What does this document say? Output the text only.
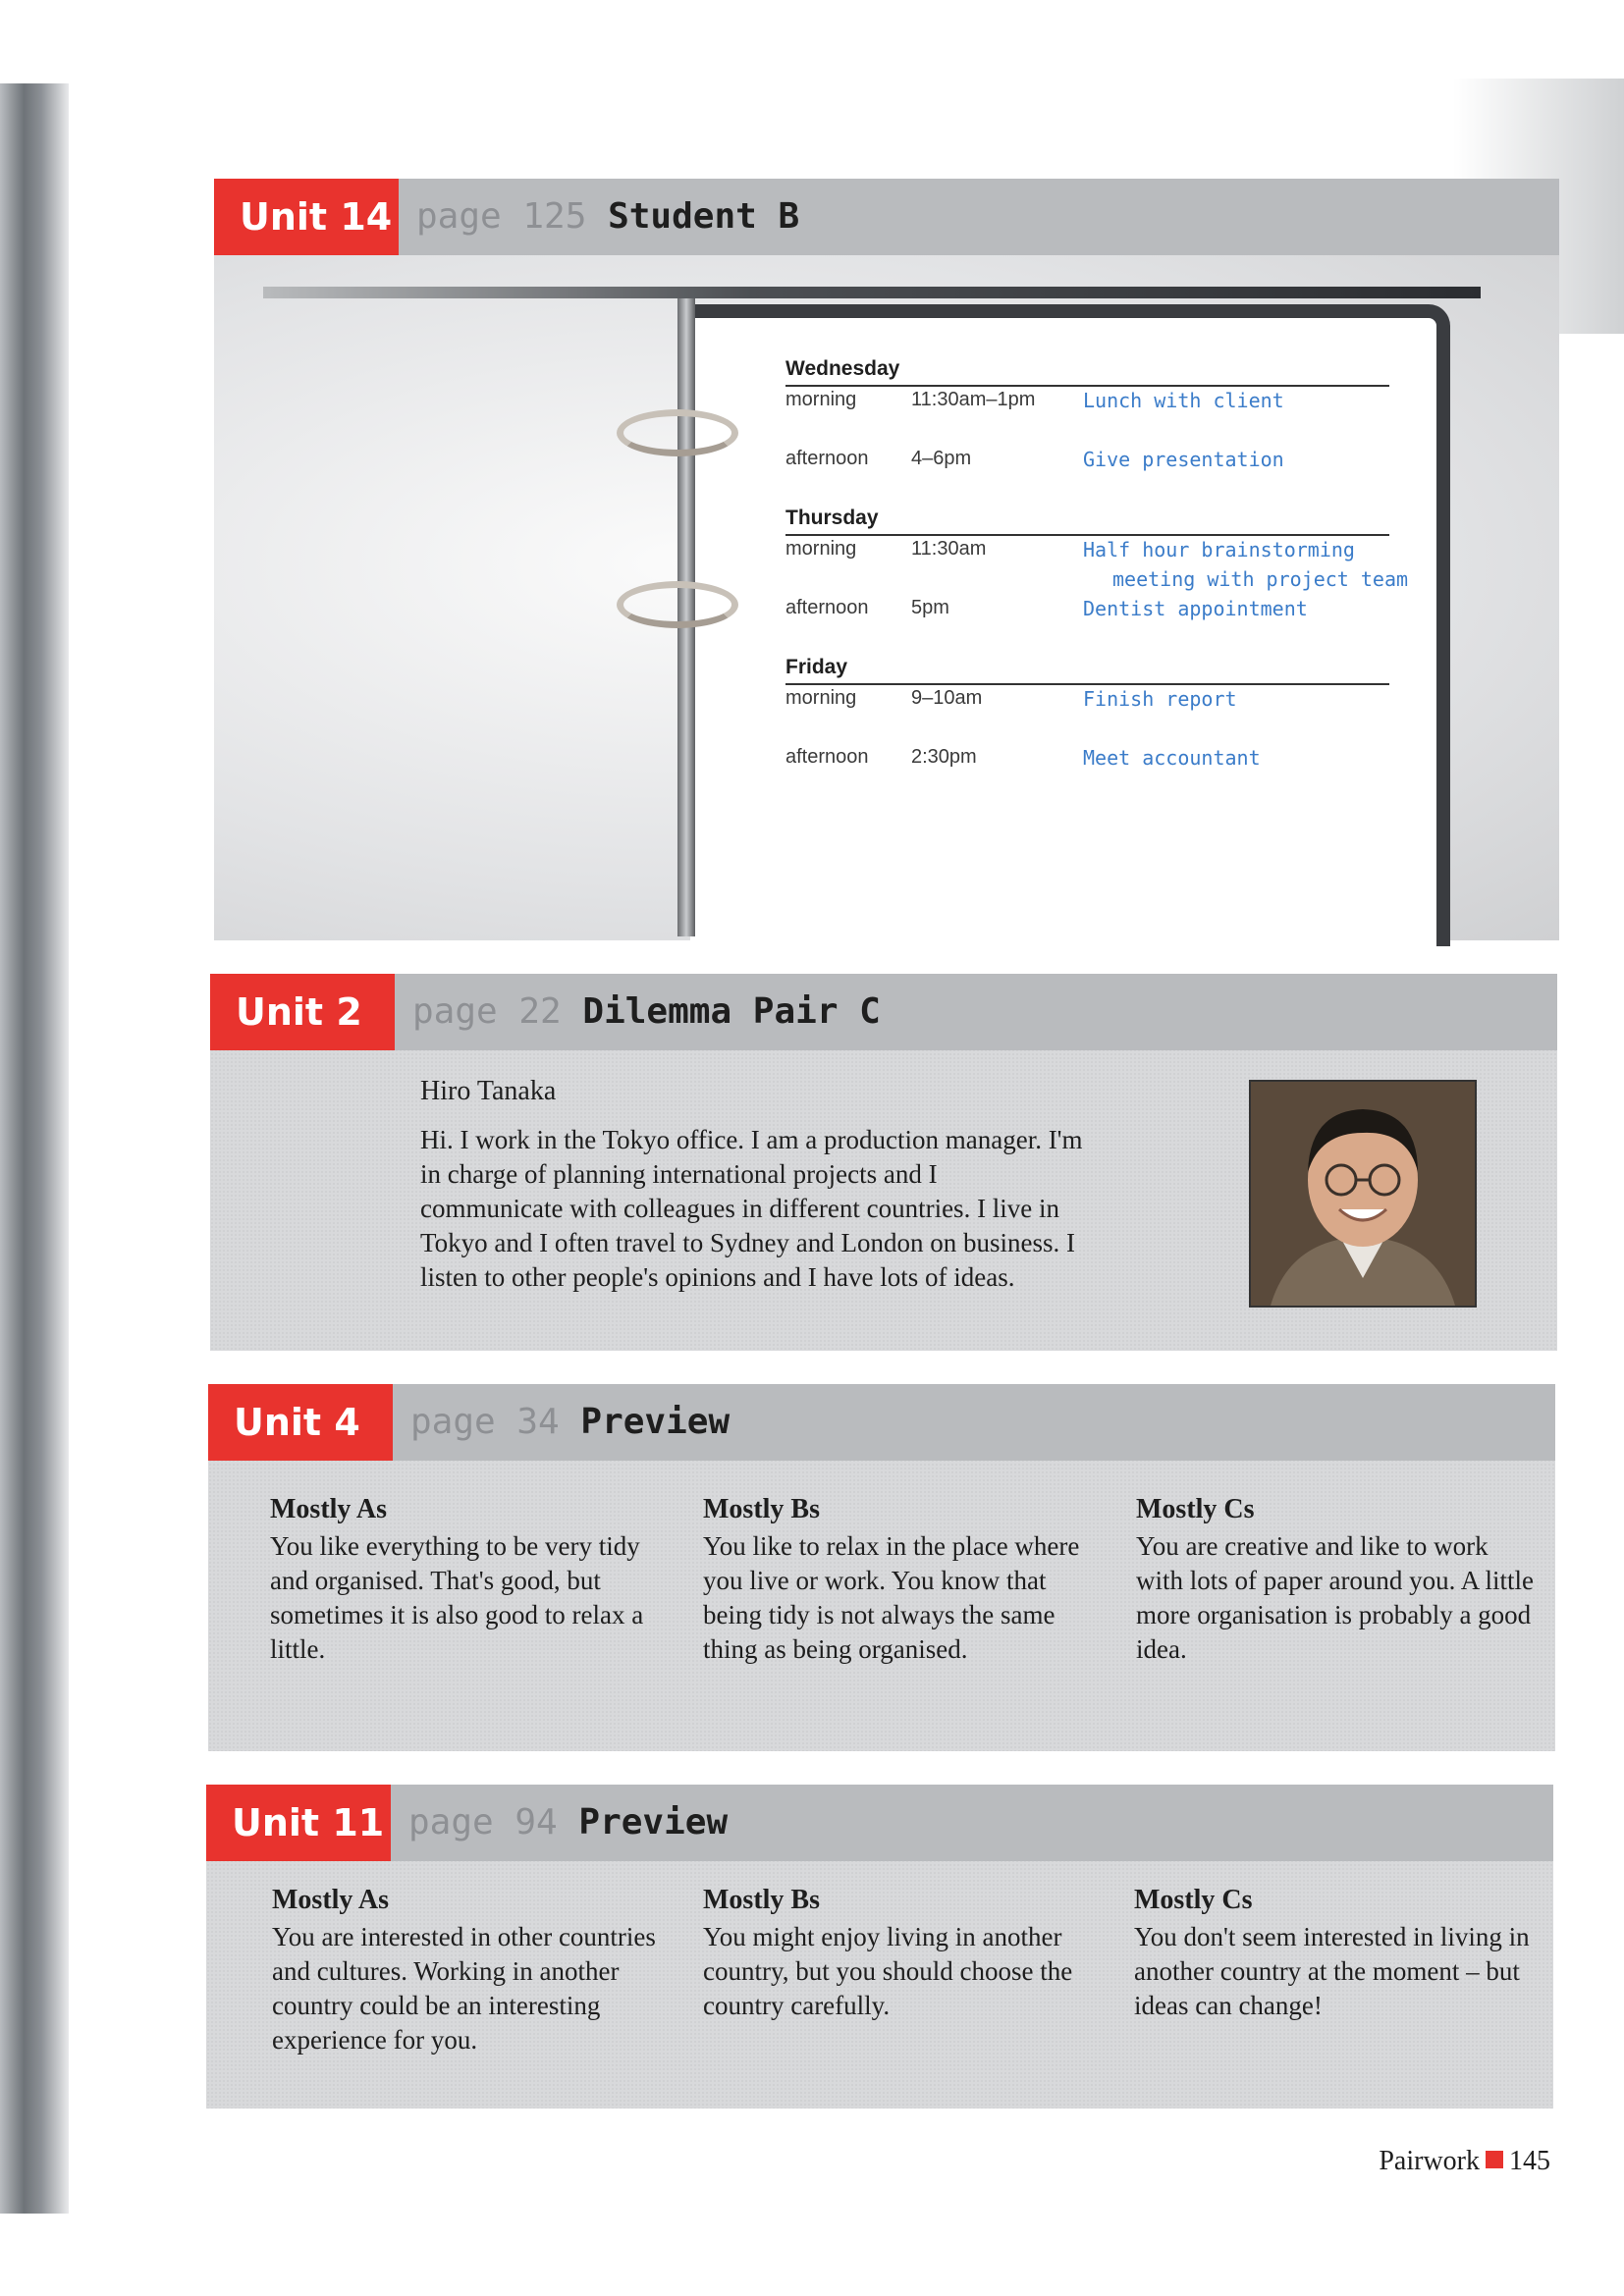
Unit 14 page 125 Student B
Wednesday
morning	11:30am–1pm Lunch with client
afternoon 4–6pm	Give presentation
Thursday
morning	11:30am	Half hour brainstorming
meeting with project team
afternoon 5pm	Dentist appointment
Friday
morning	9–10am	Finish report
afternoon 2:30pm	Meet accountant
Unit 2	page 22 Dilemma Pair C
Hiro Tanaka
Hi. I work in the Tokyo office. I am a production manager. I'm
in charge of planning international projects and I
communicate with colleagues in different countries. I live in
Tokyo and I often travel to Sydney and London on business. I
listen to other people's opinions and I have lots of ideas.
Unit 4	page 34 Preview
Mostly As
You like everything to be very tidy and organised. That's good, but sometimes it is also good to relax a little.
Mostly Bs
You like to relax in the place where you live or work. You know that being tidy is not always the same thing as being organised.
Mostly Cs
You are creative and like to work with lots of paper around you. A little more organisation is probably a good idea.
Unit 11 page 94 Preview
Mostly As
You are interested in other countries and cultures. Working in another country could be an interesting experience for you.
Mostly Bs
You might enjoy living in another country, but you should choose the country carefully.
Mostly Cs
You don't seem interested in living in another country at the moment – but ideas can change!
Pairwork 145
